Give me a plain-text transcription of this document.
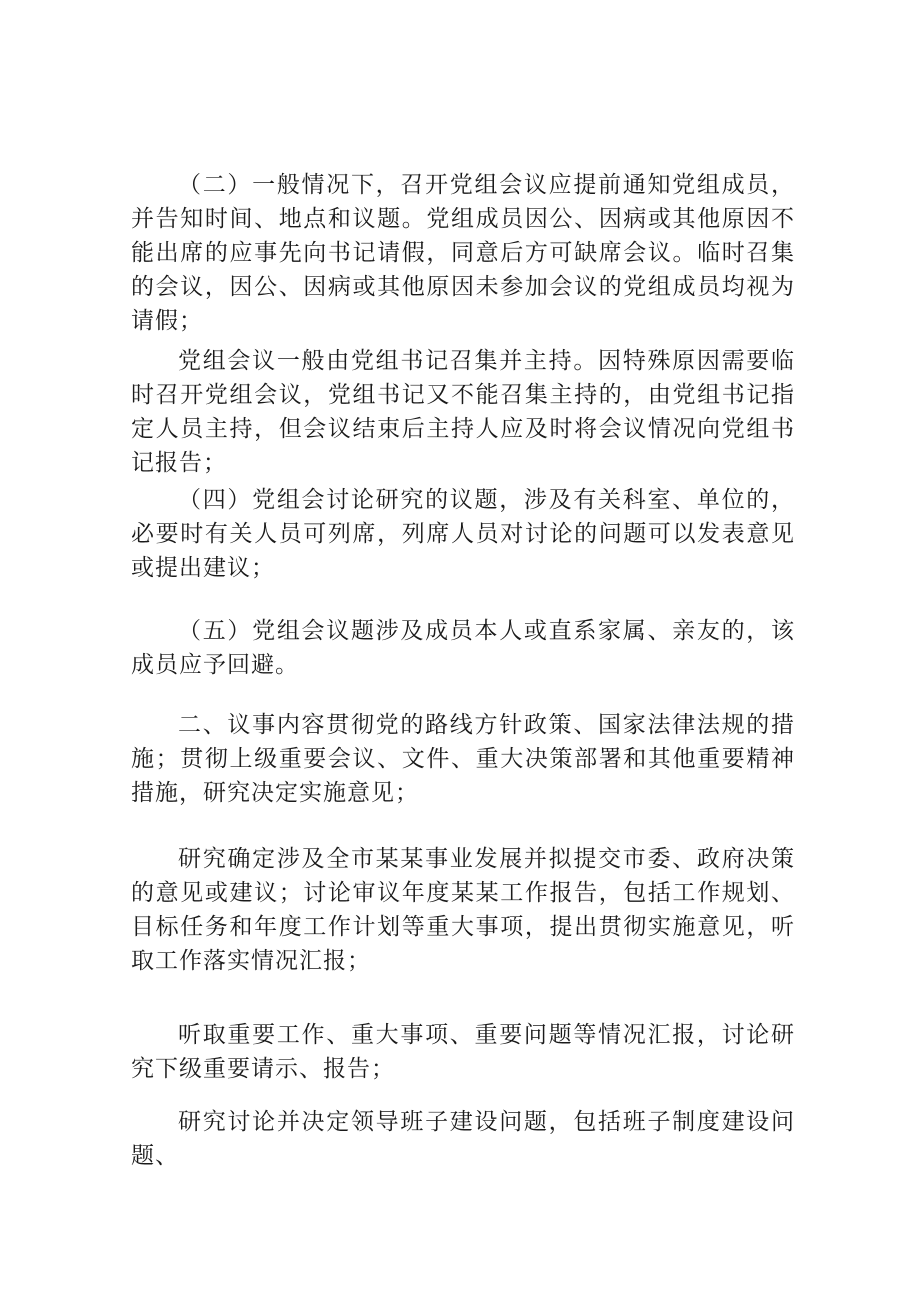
（二）一般情况下，召开党组会议应提前通知党组成员，并告知时间、地点和议题。党组成员因公、因病或其他原因不能出席的应事先向书记请假，同意后方可缺席会议。临时召集的会议，因公、因病或其他原因未参加会议的党组成员均视为请假；

党组会议一般由党组书记召集并主持。因特殊原因需要临时召开党组会议，党组书记又不能召集主持的，由党组书记指定人员主持，但会议结束后主持人应及时将会议情况向党组书记报告；

（四）党组会讨论研究的议题，涉及有关科室、单位的，必要时有关人员可列席，列席人员对讨论的问题可以发表意见或提出建议；

（五）党组会议题涉及成员本人或直系家属、亲友的，该成员应予回避。

二、议事内容贯彻党的路线方针政策、国家法律法规的措施；贯彻上级重要会议、文件、重大决策部署和其他重要精神措施，研究决定实施意见；

研究确定涉及全市某某事业发展并拟提交市委、政府决策的意见或建议；讨论审议年度某某工作报告，包括工作规划、目标任务和年度工作计划等重大事项，提出贯彻实施意见，听取工作落实情况汇报；

听取重要工作、重大事项、重要问题等情况汇报，讨论研究下级重要请示、报告；

研究讨论并决定领导班子建设问题，包括班子制度建设问题、
